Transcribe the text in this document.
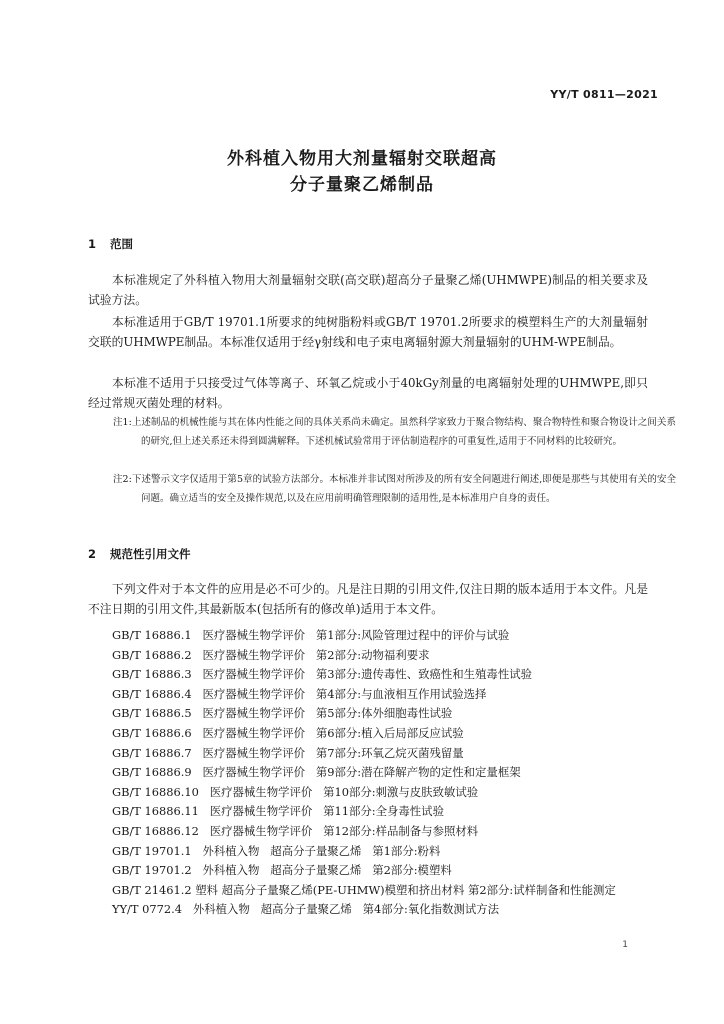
YY/T 0811—2021
外科植入物用大剂量辐射交联超高
分子量聚乙烯制品
1 范围
本标准规定了外科植入物用大剂量辐射交联(高交联)超高分子量聚乙烯(UHMWPE)制品的相关要求及试验方法。
本标准适用于GB/T 19701.1所要求的纯树脂粉料或GB/T 19701.2所要求的模塑料生产的大剂量辐射交联的UHMWPE制品。本标准仅适用于经γ射线和电子束电离辐射源大剂量辐射的UHM-WPE制品。
本标准不适用于只接受过气体等离子、环氧乙烷或小于40kGy剂量的电离辐射处理的UHMWPE,即只经过常规灭菌处理的材料。
注1:上述制品的机械性能与其在体内性能之间的具体关系尚未确定。虽然科学家致力于聚合物结构、聚合物特性和聚合物设计之间关系的研究,但上述关系还未得到圆满解释。下述机械试验常用于评估制造程序的可重复性,适用于不同材料的比较研究。
注2:下述警示文字仅适用于第5章的试验方法部分。本标准并非试图对所涉及的所有安全问题进行阐述,即便是那些与其使用有关的安全问题。确立适当的安全及操作规范,以及在应用前明确管理限制的适用性,是本标准用户自身的责任。
2 规范性引用文件
下列文件对于本文件的应用是必不可少的。凡是注日期的引用文件,仅注日期的版本适用于本文件。凡是不注日期的引用文件,其最新版本(包括所有的修改单)适用于本文件。
GB/T 16886.1   医疗器械生物学评价   第1部分:风险管理过程中的评价与试验
GB/T 16886.2   医疗器械生物学评价   第2部分:动物福利要求
GB/T 16886.3   医疗器械生物学评价   第3部分:遗传毒性、致癌性和生殖毒性试验
GB/T 16886.4   医疗器械生物学评价   第4部分:与血液相互作用试验选择
GB/T 16886.5   医疗器械生物学评价   第5部分:体外细胞毒性试验
GB/T 16886.6   医疗器械生物学评价   第6部分:植入后局部反应试验
GB/T 16886.7   医疗器械生物学评价   第7部分:环氧乙烷灭菌残留量
GB/T 16886.9   医疗器械生物学评价   第9部分:潜在降解产物的定性和定量框架
GB/T 16886.10   医疗器械生物学评价   第10部分:刺激与皮肤致敏试验
GB/T 16886.11   医疗器械生物学评价   第11部分:全身毒性试验
GB/T 16886.12   医疗器械生物学评价   第12部分:样品制备与参照材料
GB/T 19701.1   外科植入物   超高分子量聚乙烯   第1部分:粉料
GB/T 19701.2   外科植入物   超高分子量聚乙烯   第2部分:模塑料
GB/T 21461.2 塑料 超高分子量聚乙烯(PE-UHMW)模塑和挤出材料 第2部分:试样制备和性能测定
YY/T 0772.4   外科植入物   超高分子量聚乙烯   第4部分:氧化指数测试方法
1
